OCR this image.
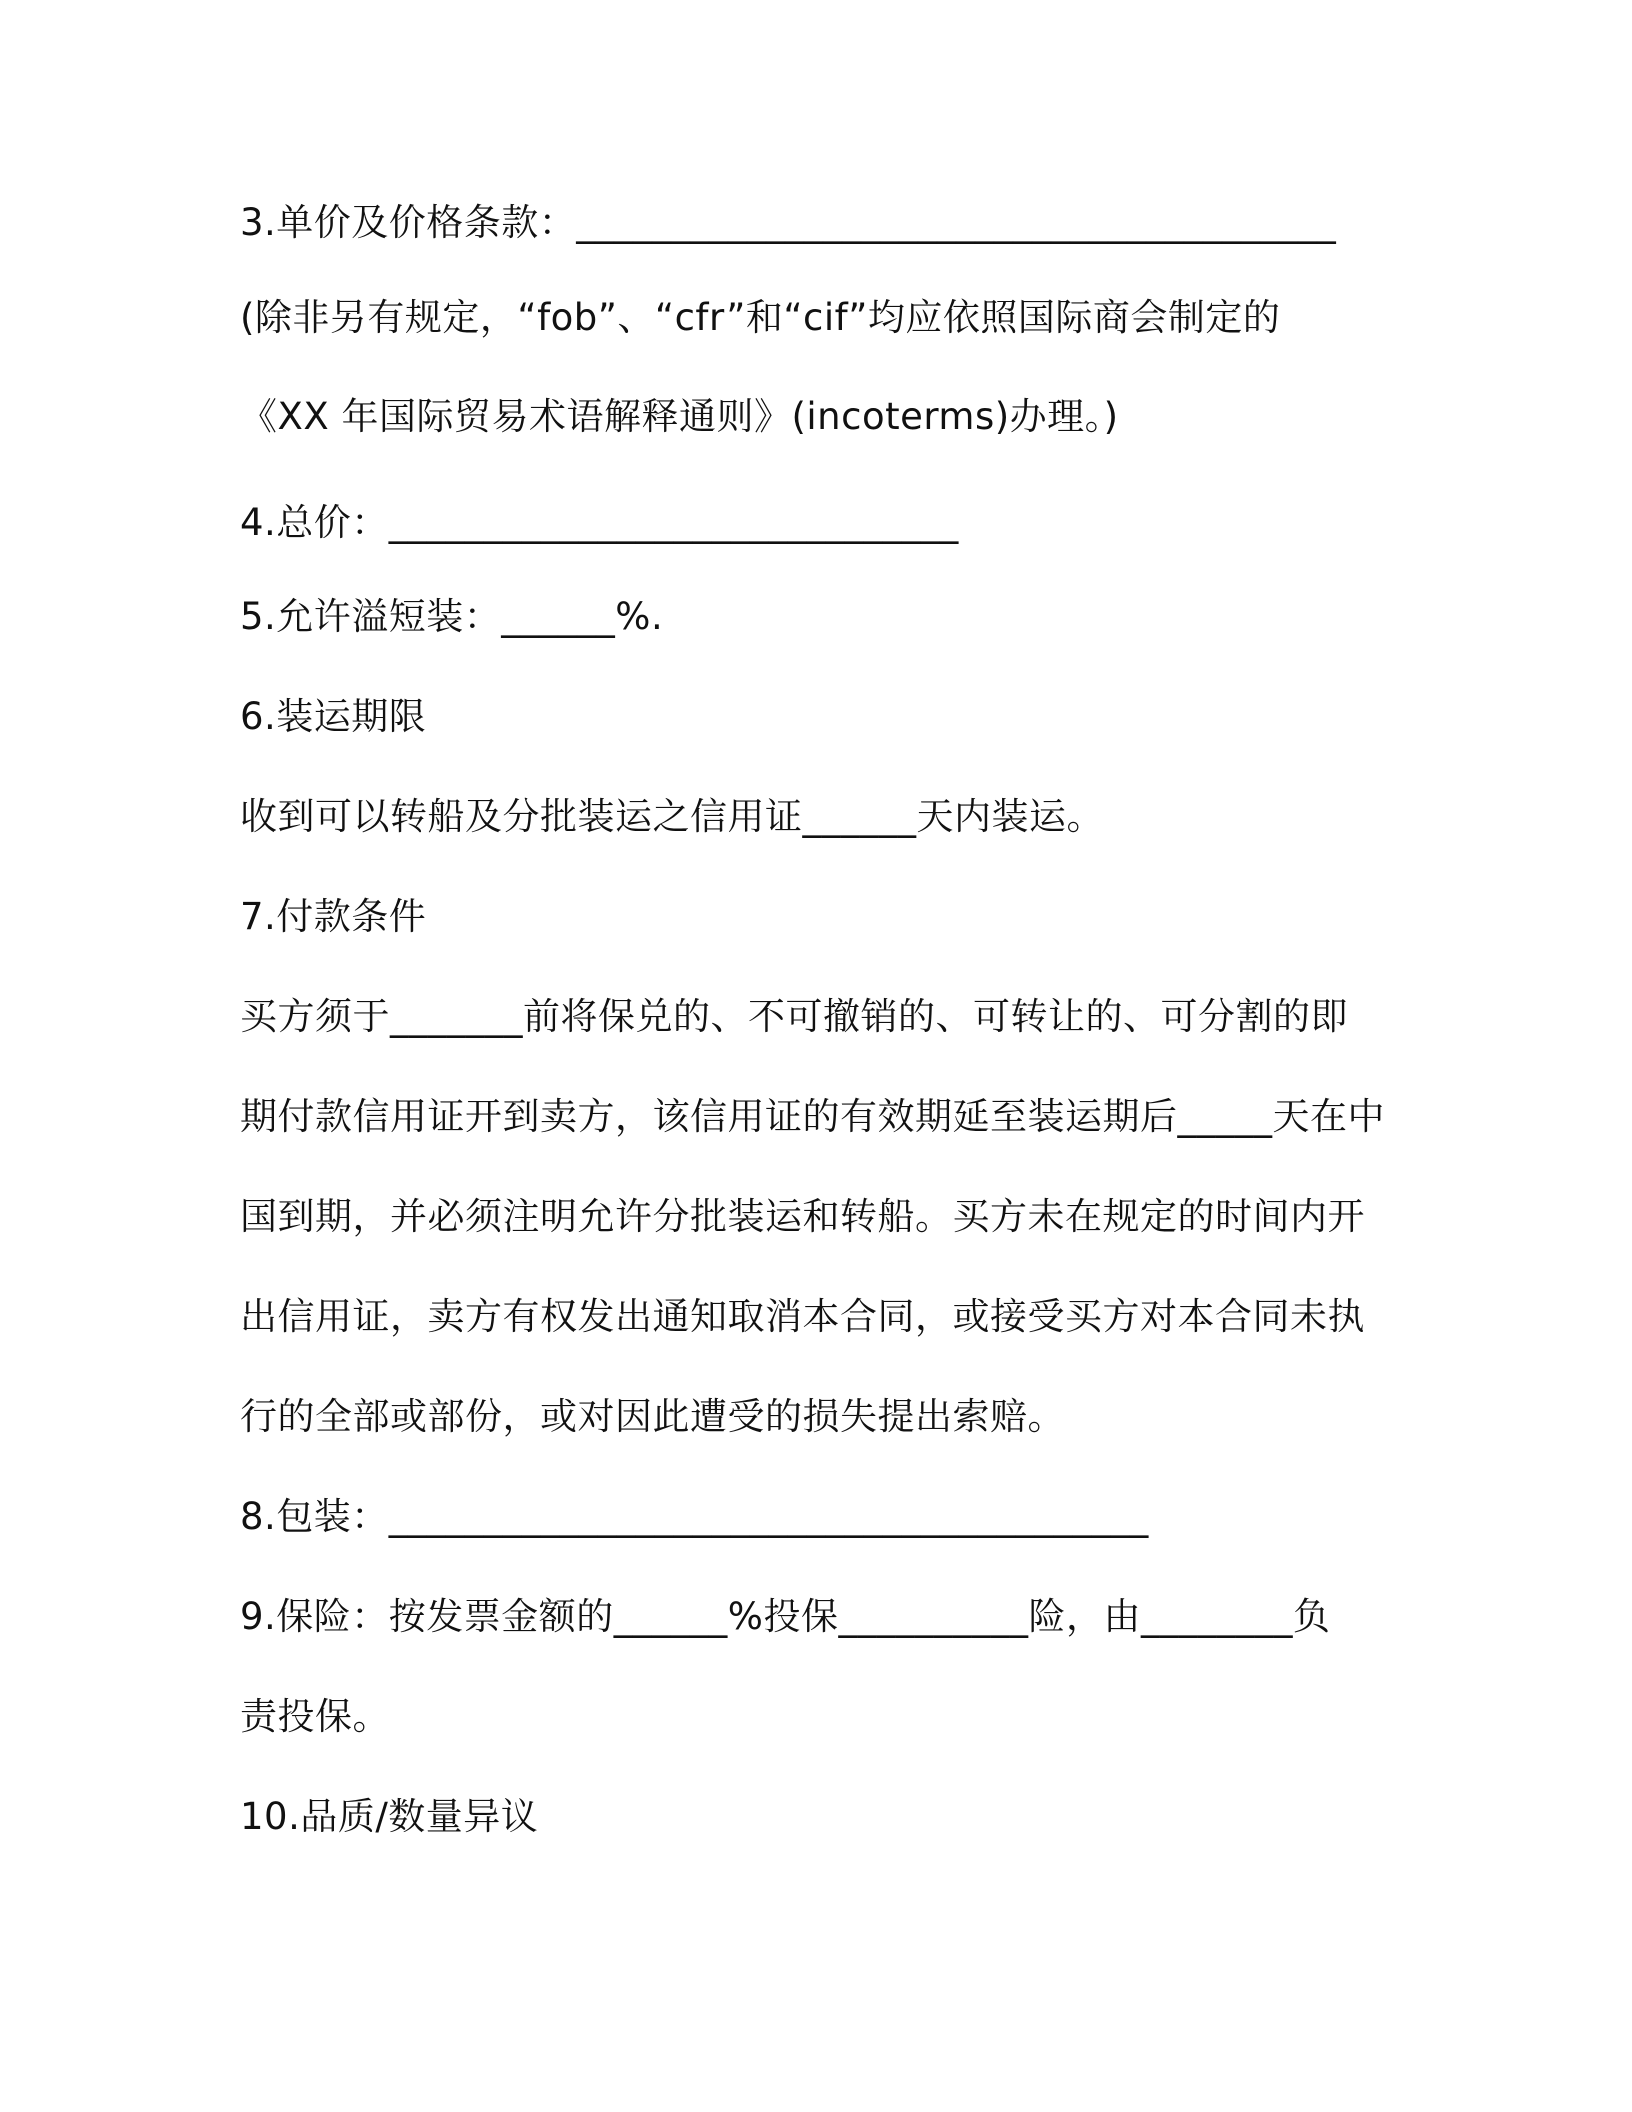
3.单价及价格条款：________________________________________
(除非另有规定，“fob”、“cfr”和“cif”均应依照国际商会制定的
《XX 年国际贸易术语解释通则》(incoterms)办理。)
4.总价：______________________________
5.允许溢短装：______%.
6.装运期限
收到可以转船及分批装运之信用证______天内装运。
7.付款条件
买方须于_______前将保兑的、不可撤销的、可转让的、可分割的即
期付款信用证开到卖方，该信用证的有效期延至装运期后_____天在中
国到期，并必须注明允许分批装运和转船。买方未在规定的时间内开
出信用证，卖方有权发出通知取消本合同，或接受买方对本合同未执
行的全部或部份，或对因此遭受的损失提出索赔。
8.包装：________________________________________
9.保险：按发票金额的______%投保__________险，由________负
责投保。
10.品质/数量异议
